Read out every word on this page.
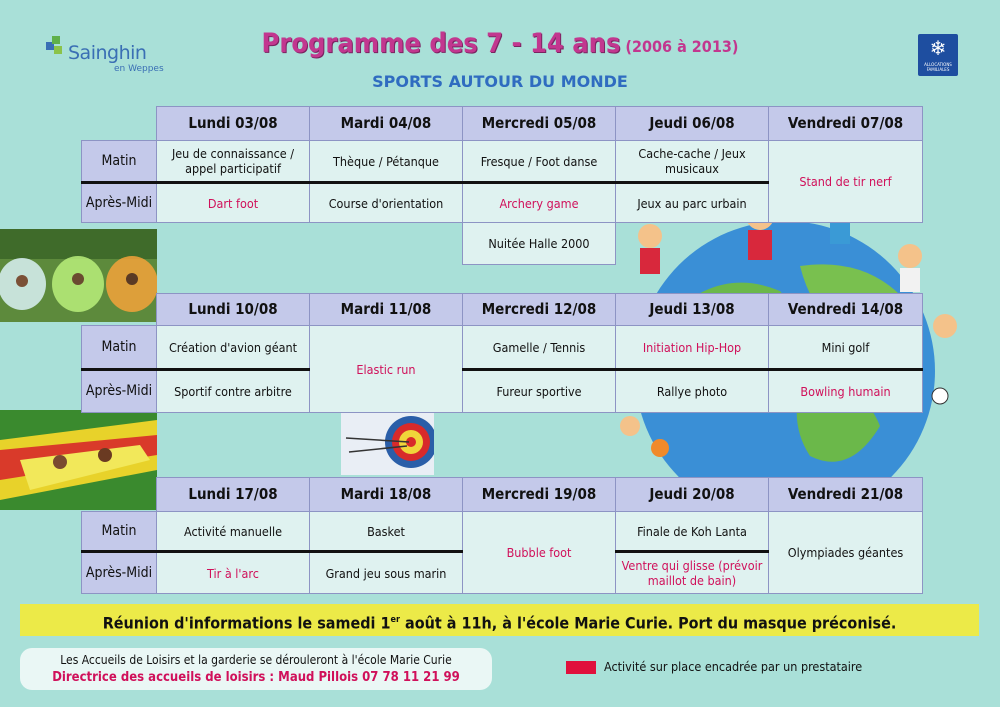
Sainghin
en Weppes
Programme des 7 - 14 ans (2006 à 2013)
SPORTS AUTOUR DU MONDE
❄
ALLOCATIONS FAMILIALES
	Lundi 03/08	Mardi 04/08	Mercredi 05/08	Jeudi 06/08	Vendredi 07/08
Matin	Jeu de connaissance / appel participatif	Thèque / Pétanque	Fresque / Foot danse	Cache-cache / Jeux musicaux	Stand de tir nerf
Après-Midi	Dart foot	Course d'orientation	Archery game	Jeux au parc urbain	
			Nuitée Halle 2000		
	Lundi 10/08	Mardi 11/08	Mercredi 12/08	Jeudi 13/08	Vendredi 14/08
Matin	Création d'avion géant	Elastic run	Gamelle / Tennis	Initiation Hip-Hop	Mini golf
Après-Midi	Sportif contre arbitre		Fureur sportive	Rallye photo	Bowling humain
	Lundi 17/08	Mardi 18/08	Mercredi 19/08	Jeudi 20/08	Vendredi 21/08
Matin	Activité manuelle	Basket	Bubble foot	Finale de Koh Lanta	Olympiades géantes
Après-Midi	Tir à l'arc	Grand jeu sous marin		Ventre qui glisse (prévoir maillot de bain)	
Réunion d'informations le samedi 1er août à 11h, à l'école Marie Curie. Port du masque préconisé.
Les Accueils de Loisirs et la garderie se dérouleront à l'école Marie Curie
Directrice des accueils de loisirs : Maud Pillois 07 78 11 21 99
Activité sur place encadrée par un prestataire
